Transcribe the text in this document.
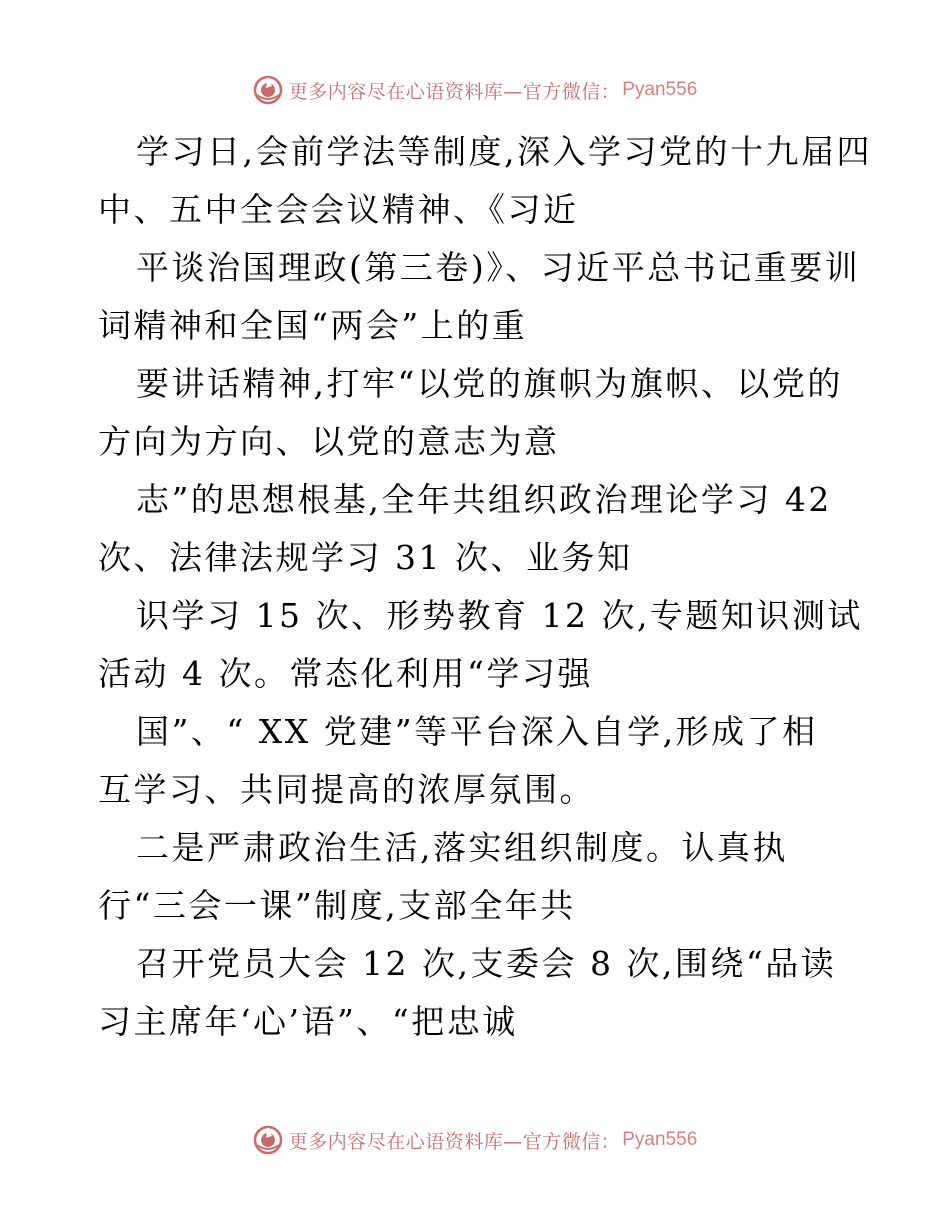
更多内容尽在心语资料库—官方微信： Pyan556
学习日,会前学法等制度,深入学习党的十九届四
中、五中全会会议精神、《习近
平谈治国理政(第三卷)》、习近平总书记重要训
词精神和全国“两会”上的重
要讲话精神,打牢“以党的旗帜为旗帜、以党的
方向为方向、以党的意志为意
志”的思想根基,全年共组织政治理论学习 42
次、法律法规学习 31 次、业务知
识学习 15 次、形势教育 12 次,专题知识测试
活动 4 次。常态化利用“学习强
国”、“ XX 党建”等平台深入自学,形成了相
互学习、共同提高的浓厚氛围。
二是严肃政治生活,落实组织制度。认真执
行“三会一课”制度,支部全年共
召开党员大会 12 次,支委会 8 次,围绕“品读
习主席年‘心’语”、“把忠诚
更多内容尽在心语资料库—官方微信： Pyan556
